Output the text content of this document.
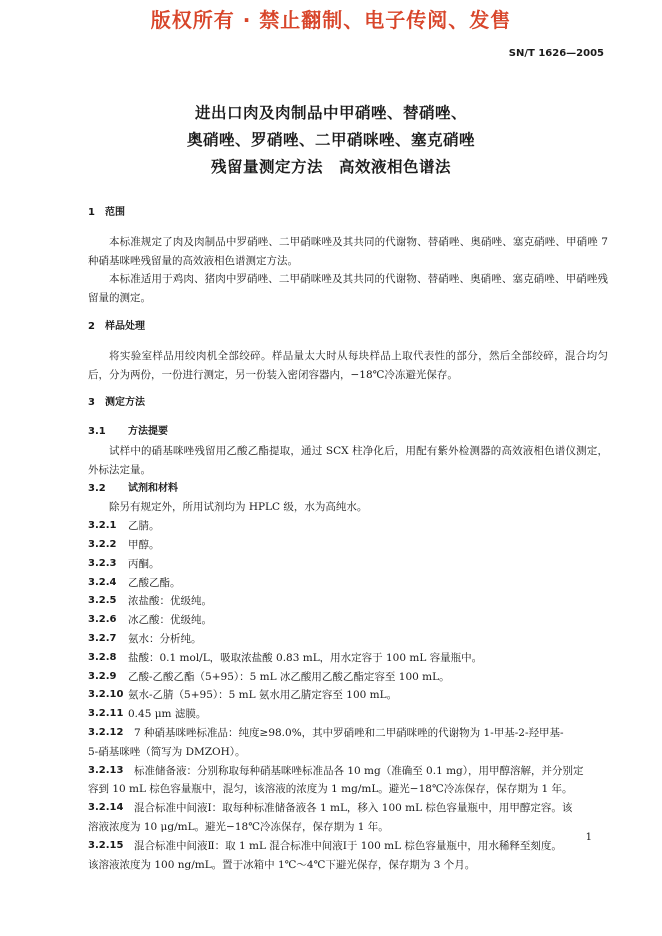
版权所有 · 禁止翻制、电子传阅、发售
SN/T 1626—2005
进出口肉及肉制品中甲硝唑、替硝唑、
奥硝唑、罗硝唑、二甲硝咪唑、塞克硝唑
残留量测定方法　高效液相色谱法
1　范围
本标准规定了肉及肉制品中罗硝唑、二甲硝咪唑及其共同的代谢物、替硝唑、奥硝唑、塞克硝唑、甲硝唑 7 种硝基咪唑残留量的高效液相色谱测定方法。
本标准适用于鸡肉、猪肉中罗硝唑、二甲硝咪唑及其共同的代谢物、替硝唑、奥硝唑、塞克硝唑、甲硝唑残留量的测定。
2　样品处理
将实验室样品用绞肉机全部绞碎。样品量太大时从每块样品上取代表性的部分，然后全部绞碎，混合均匀后，分为两份，一份进行测定，另一份装入密闭容器内，−18℃冷冻避光保存。
3　测定方法
3.1	方法提要
试样中的硝基咪唑残留用乙酸乙酯提取，通过 SCX 柱净化后，用配有紫外检测器的高效液相色谱仪测定，外标法定量。
3.2	试剂和材料
除另有规定外，所用试剂均为 HPLC 级，水为高纯水。
3.2.1	乙腈。
3.2.2	甲醇。
3.2.3	丙酮。
3.2.4	乙酸乙酯。
3.2.5	浓盐酸：优级纯。
3.2.6	冰乙酸：优级纯。
3.2.7	氨水：分析纯。
3.2.8	盐酸：0.1 mol/L，吸取浓盐酸 0.83 mL，用水定容于 100 mL 容量瓶中。
3.2.9	乙酸-乙酸乙酯（5+95）：5 mL 冰乙酸用乙酸乙酯定容至 100 mL。
3.2.10 氨水-乙腈（5+95）：5 mL 氨水用乙腈定容至 100 mL。
3.2.11 0.45 μm 滤膜。
3.2.12	7 种硝基咪唑标准品：纯度≥98.0%，其中罗硝唑和二甲硝咪唑的代谢物为 1-甲基-2-羟甲基-
5-硝基咪唑（简写为 DMZOH）。
3.2.13	标准储备液：分别称取每种硝基咪唑标准品各 10 mg（准确至 0.1 mg），用甲醇溶解，并分别定
容到 10 mL 棕色容量瓶中，混匀，该溶液的浓度为 1 mg/mL。避光−18℃冷冻保存，保存期为 1 年。
3.2.14	混合标准中间液Ⅰ：取每种标准储备液各 1 mL，移入 100 mL 棕色容量瓶中，用甲醇定容。该
溶液浓度为 10 μg/mL。避光−18℃冷冻保存，保存期为 1 年。
3.2.15	混合标准中间液Ⅱ：取 1 mL 混合标准中间液Ⅰ于 100 mL 棕色容量瓶中，用水稀释至刻度。
该溶液浓度为 100 ng/mL。置于冰箱中 1℃～4℃下避光保存，保存期为 3 个月。
1
